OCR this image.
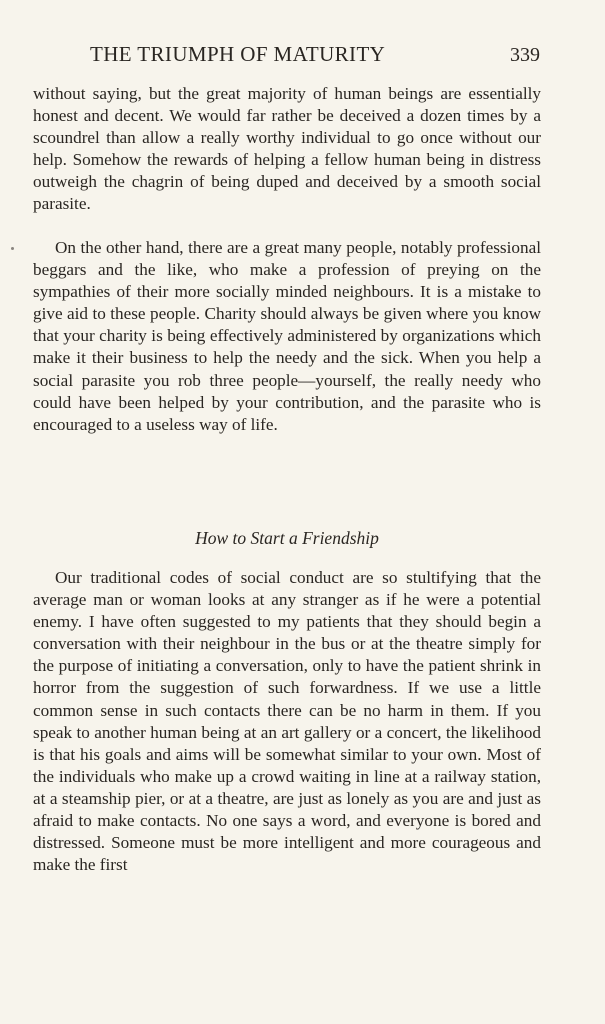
THE TRIUMPH OF MATURITY	339

without saying, but the great majority of human beings are essentially honest and decent. We would far rather be deceived a dozen times by a scoundrel than allow a really worthy individual to go once without our help. Somehow the rewards of helping a fellow human being in distress outweigh the chagrin of being duped and deceived by a smooth social parasite.

On the other hand, there are a great many people, notably professional beggars and the like, who make a profession of preying on the sympathies of their more socially minded neighbours. It is a mistake to give aid to these people. Charity should always be given where you know that your charity is being effectively administered by organizations which make it their business to help the needy and the sick. When you help a social parasite you rob three people—yourself, the really needy who could have been helped by your contribution, and the parasite who is encouraged to a useless way of life.

How to Start a Friendship

Our traditional codes of social conduct are so stultifying that the average man or woman looks at any stranger as if he were a potential enemy. I have often suggested to my patients that they should begin a conversation with their neighbour in the bus or at the theatre simply for the purpose of initiating a conversation, only to have the patient shrink in horror from the suggestion of such forwardness. If we use a little common sense in such contacts there can be no harm in them. If you speak to another human being at an art gallery or a concert, the likelihood is that his goals and aims will be somewhat similar to your own. Most of the individuals who make up a crowd waiting in line at a railway station, at a steamship pier, or at a theatre, are just as lonely as you are and just as afraid to make contacts. No one says a word, and everyone is bored and distressed. Someone must be more intelligent and more courageous and make the first
